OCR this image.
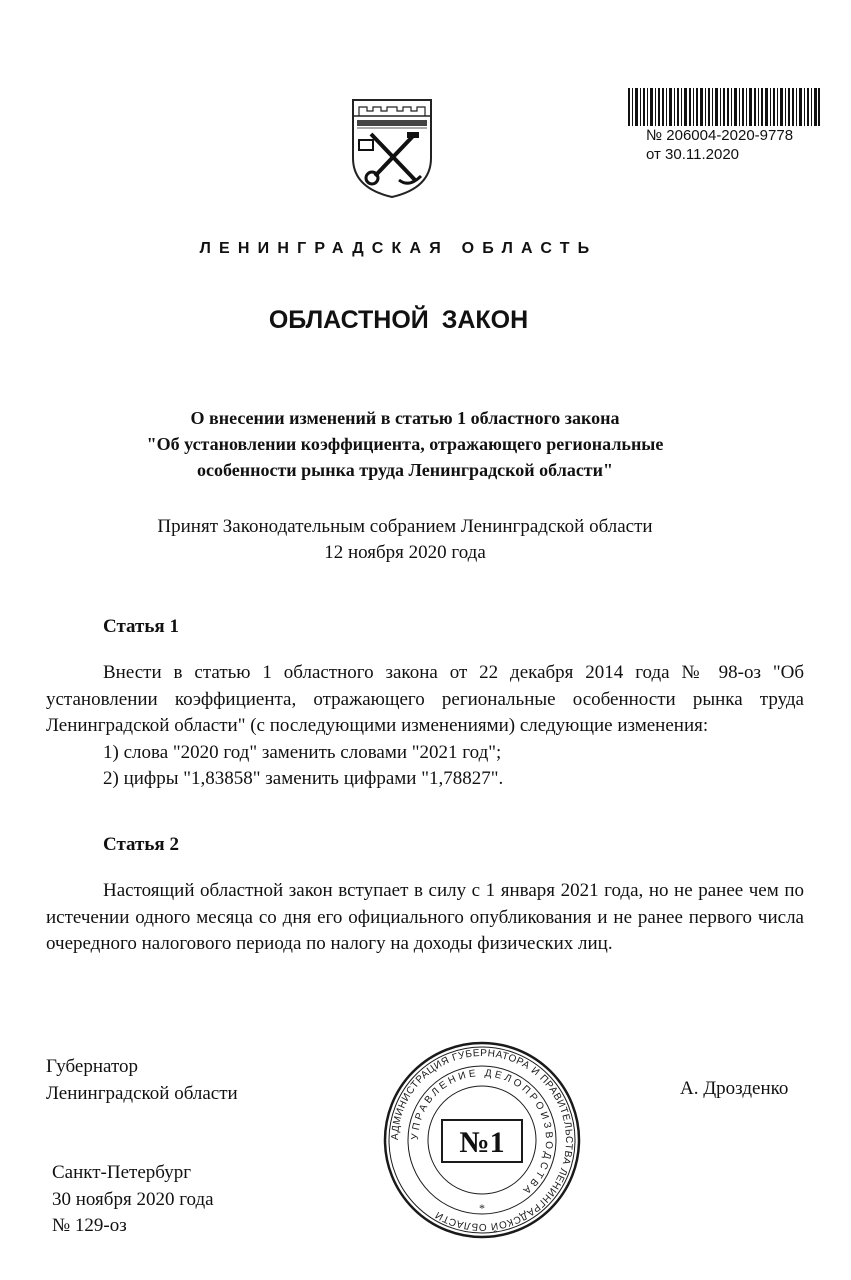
№ 206004-2020-9778
от 30.11.2020
ЛЕНИНГРАДСКАЯ ОБЛАСТЬ
ОБЛАСТНОЙ ЗАКОН
О внесении изменений в статью 1 областного закона
"Об установлении коэффициента, отражающего региональные
особенности рынка труда Ленинградской области"
Принят Законодательным собранием Ленинградской области
12 ноября 2020 года
Статья 1

Внести в статью 1 областного закона от 22 декабря 2014 года № 98-оз "Об установлении коэффициента, отражающего региональные особенности рынка труда Ленинградской области" (с последующими изменениями) следующие изменения:

1) слова "2020 год" заменить словами "2021 год";
2) цифры "1,83858" заменить цифрами "1,78827".
Статья 2

Настоящий областной закон вступает в силу с 1 января 2021 года, но не ранее чем по истечении одного месяца со дня его официального опубликования и не ранее первого числа очередного налогового периода по налогу на доходы физических лиц.

Губернатор
Ленинградской области	А. Дрозденко
Санкт-Петербург
30 ноября 2020 года
№ 129-оз
АДМИНИСТРАЦИЯ ГУБЕРНАТОРА И ПРАВИТЕЛЬСТВА ЛЕНИНГРАДСКОЙ ОБЛАСТИ
УПРАВЛЕНИЕ ДЕЛОПРОИЗВОДСТВА
№1
*
